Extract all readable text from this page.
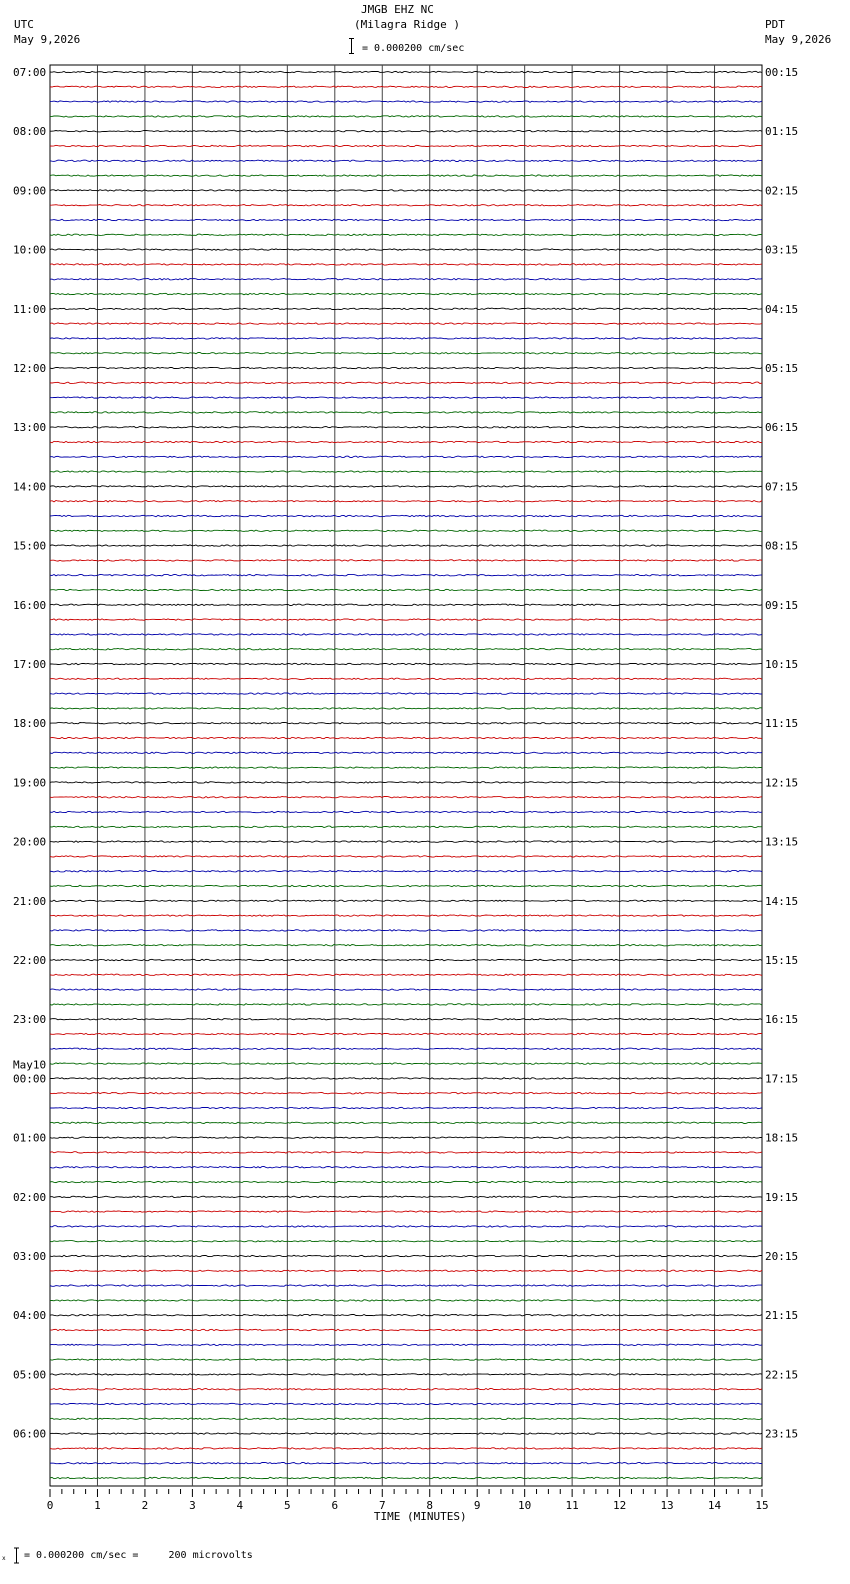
JMGB EHZ NC
(Milagra Ridge )
= 0.000200 cm/sec
UTC
May 9,2026
PDT
May 9,2026
0	1	2	3	4	5	6	7	8	9	10	11	12	13	14	15
TIME (MINUTES)
07:00
08:00
09:00
10:00
11:00
12:00
13:00
14:00
15:00
16:00
17:00
18:00
19:00
20:00
21:00
22:00
23:00
00:00
01:00
02:00
03:00
04:00
05:00
06:00
00:15
01:15
02:15
03:15
04:15
05:15
06:15
07:15
08:15
09:15
10:15
11:15
12:15
13:15
14:15
15:15
16:15
17:15
18:15
19:15
20:15
21:15
22:15
23:15
May10
x = 0.000200 cm/sec =     200 microvolts
